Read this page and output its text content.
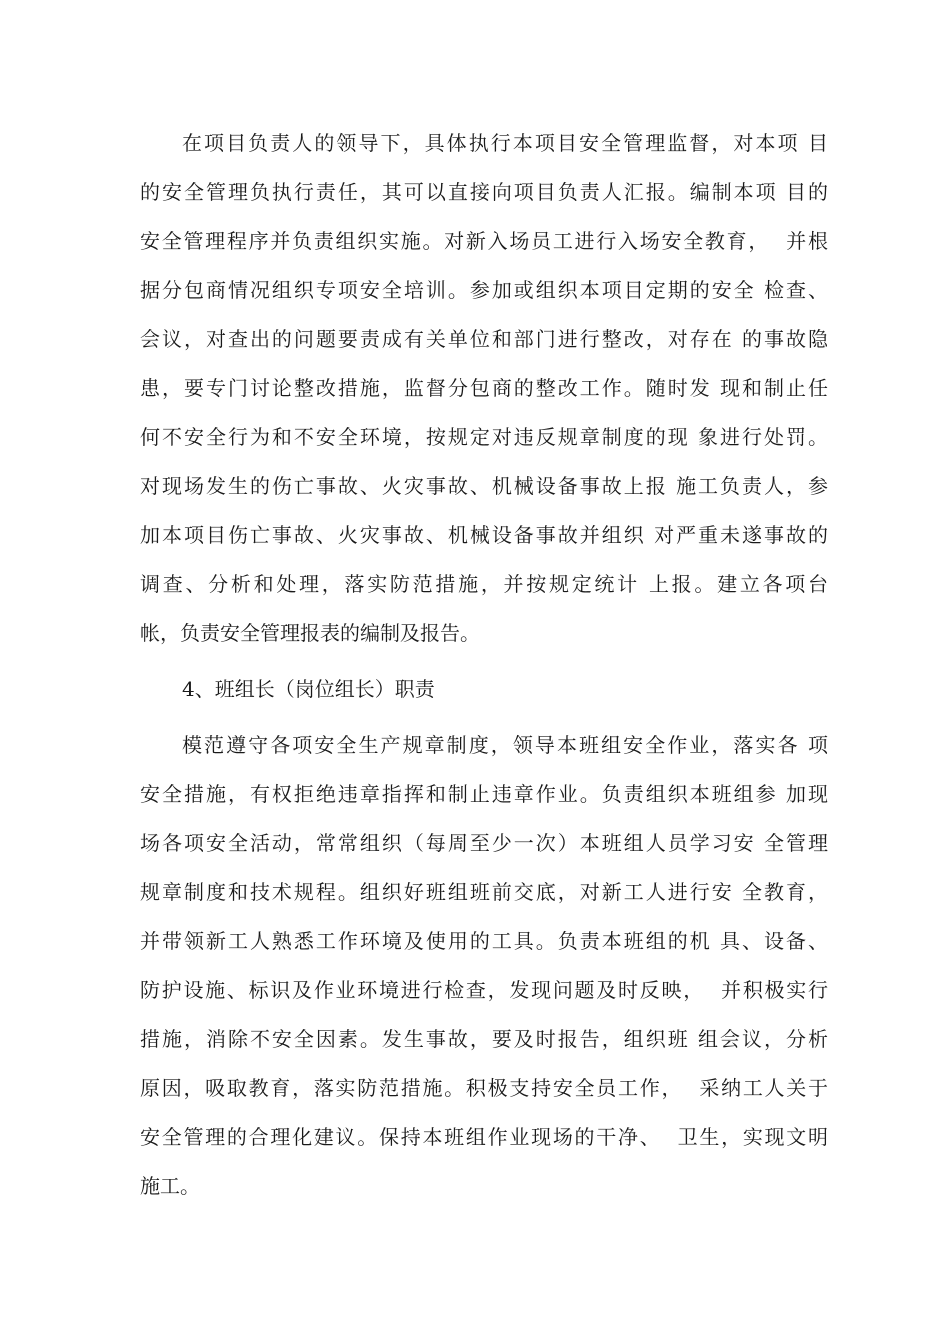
在项目负责人的领导下，具体执行本项目安全管理监督，对本项 目
的安全管理负执行责任，其可以直接向项目负责人汇报。编制本项 目的
安全管理程序并负责组织实施。对新入场员工进行入场安全教育，  并根
据分包商情况组织专项安全培训。参加或组织本项目定期的安全 检查、
会议，对查出的问题要责成有关单位和部门进行整改，对存在 的事故隐
患，要专门讨论整改措施，监督分包商的整改工作。随时发 现和制止任
何不安全行为和不安全环境，按规定对违反规章制度的现 象进行处罚。
对现场发生的伤亡事故、火灾事故、机械设备事故上报 施工负责人，参
加本项目伤亡事故、火灾事故、机械设备事故并组织 对严重未遂事故的
调查、分析和处理，落实防范措施，并按规定统计 上报。建立各项台
帐，负责安全管理报表的编制及报告。
4、班组长（岗位组长）职责
模范遵守各项安全生产规章制度，领导本班组安全作业，落实各 项
安全措施，有权拒绝违章指挥和制止违章作业。负责组织本班组参 加现
场各项安全活动，常常组织（每周至少一次）本班组人员学习安 全管理
规章制度和技术规程。组织好班组班前交底，对新工人进行安 全教育，
并带领新工人熟悉工作环境及使用的工具。负责本班组的机 具、设备、
防护设施、标识及作业环境进行检查，发现问题及时反映，  并积极实行
措施，消除不安全因素。发生事故，要及时报告，组织班 组会议，分析
原因，吸取教育，落实防范措施。积极支持安全员工作，  采纳工人关于
安全管理的合理化建议。保持本班组作业现场的干净、  卫生，实现文明
施工。
